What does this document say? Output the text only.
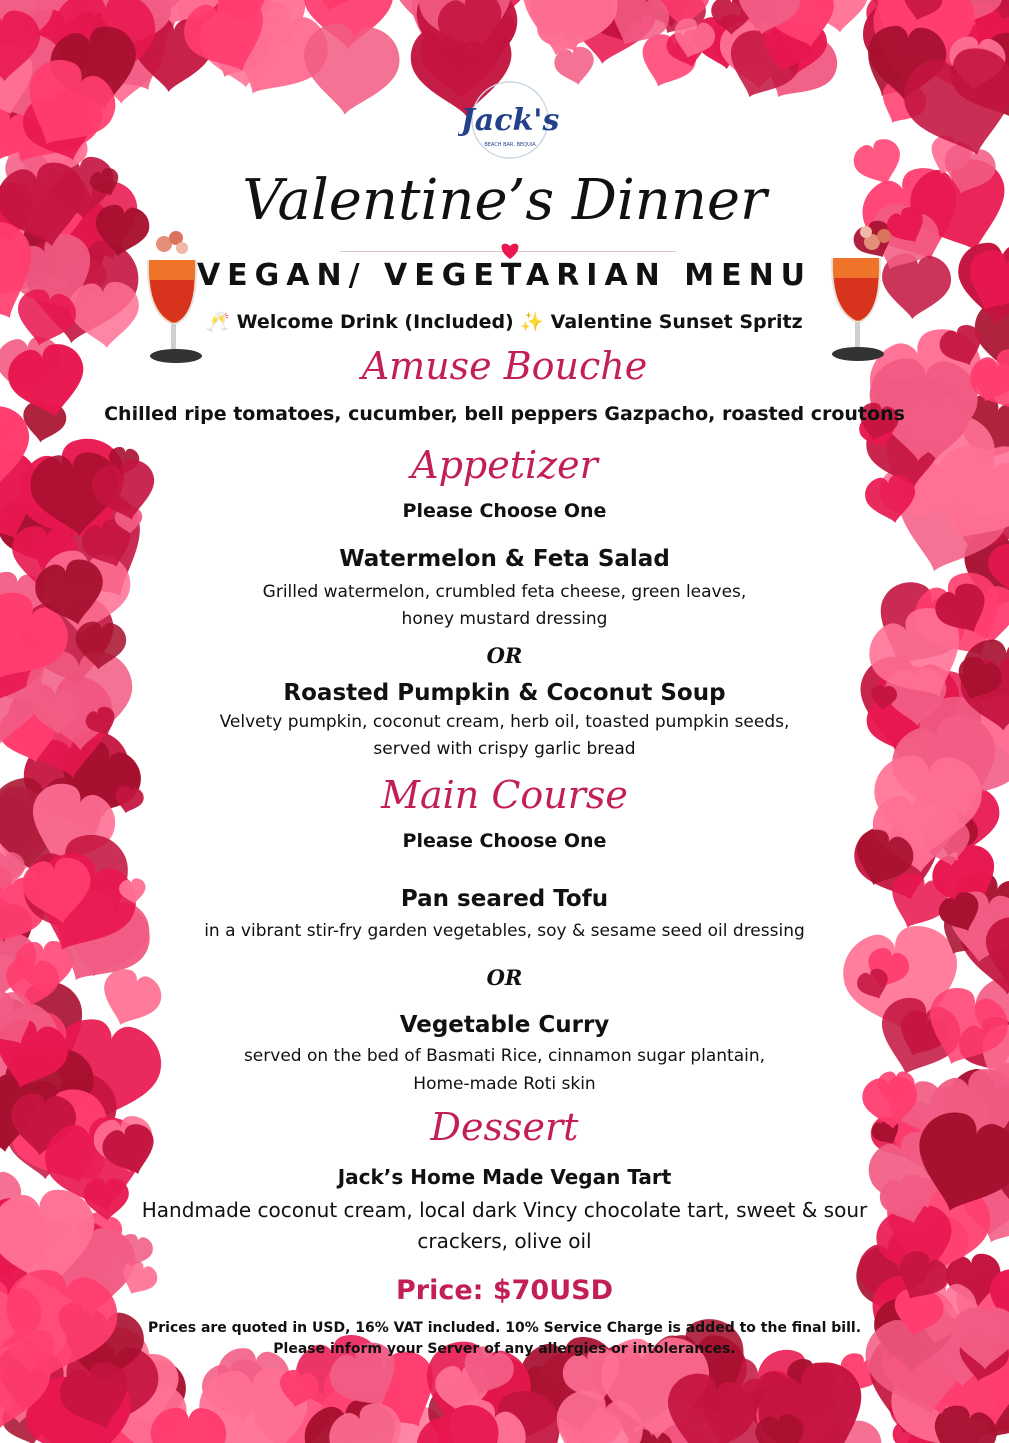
Jack's
BEACH BAR, BEQUIA

Valentine’s Dinner

VEGAN/ VEGETARIAN MENU

🥂 Welcome Drink (Included) ✨ Valentine Sunset Spritz

Amuse Bouche

Chilled ripe tomatoes, cucumber, bell peppers Gazpacho, roasted croutons

Appetizer

Please Choose One

Watermelon & Feta Salad

Grilled watermelon, crumbled feta cheese, green leaves,

honey mustard dressing

OR

Roasted Pumpkin & Coconut Soup

Velvety pumpkin, coconut cream, herb oil, toasted pumpkin seeds,

served with crispy garlic bread

Main Course

Please Choose One

Pan seared Tofu

in a vibrant stir-fry garden vegetables, soy & sesame seed oil dressing

OR

Vegetable Curry

served on the bed of Basmati Rice, cinnamon sugar plantain,

Home-made Roti skin

Dessert

Jack’s Home Made Vegan Tart

Handmade coconut cream, local dark Vincy chocolate tart, sweet & sour

crackers, olive oil

Price: $70USD

Prices are quoted in USD, 16% VAT included. 10% Service Charge is added to the final bill.

Please inform your Server of any allergies or intolerances.
